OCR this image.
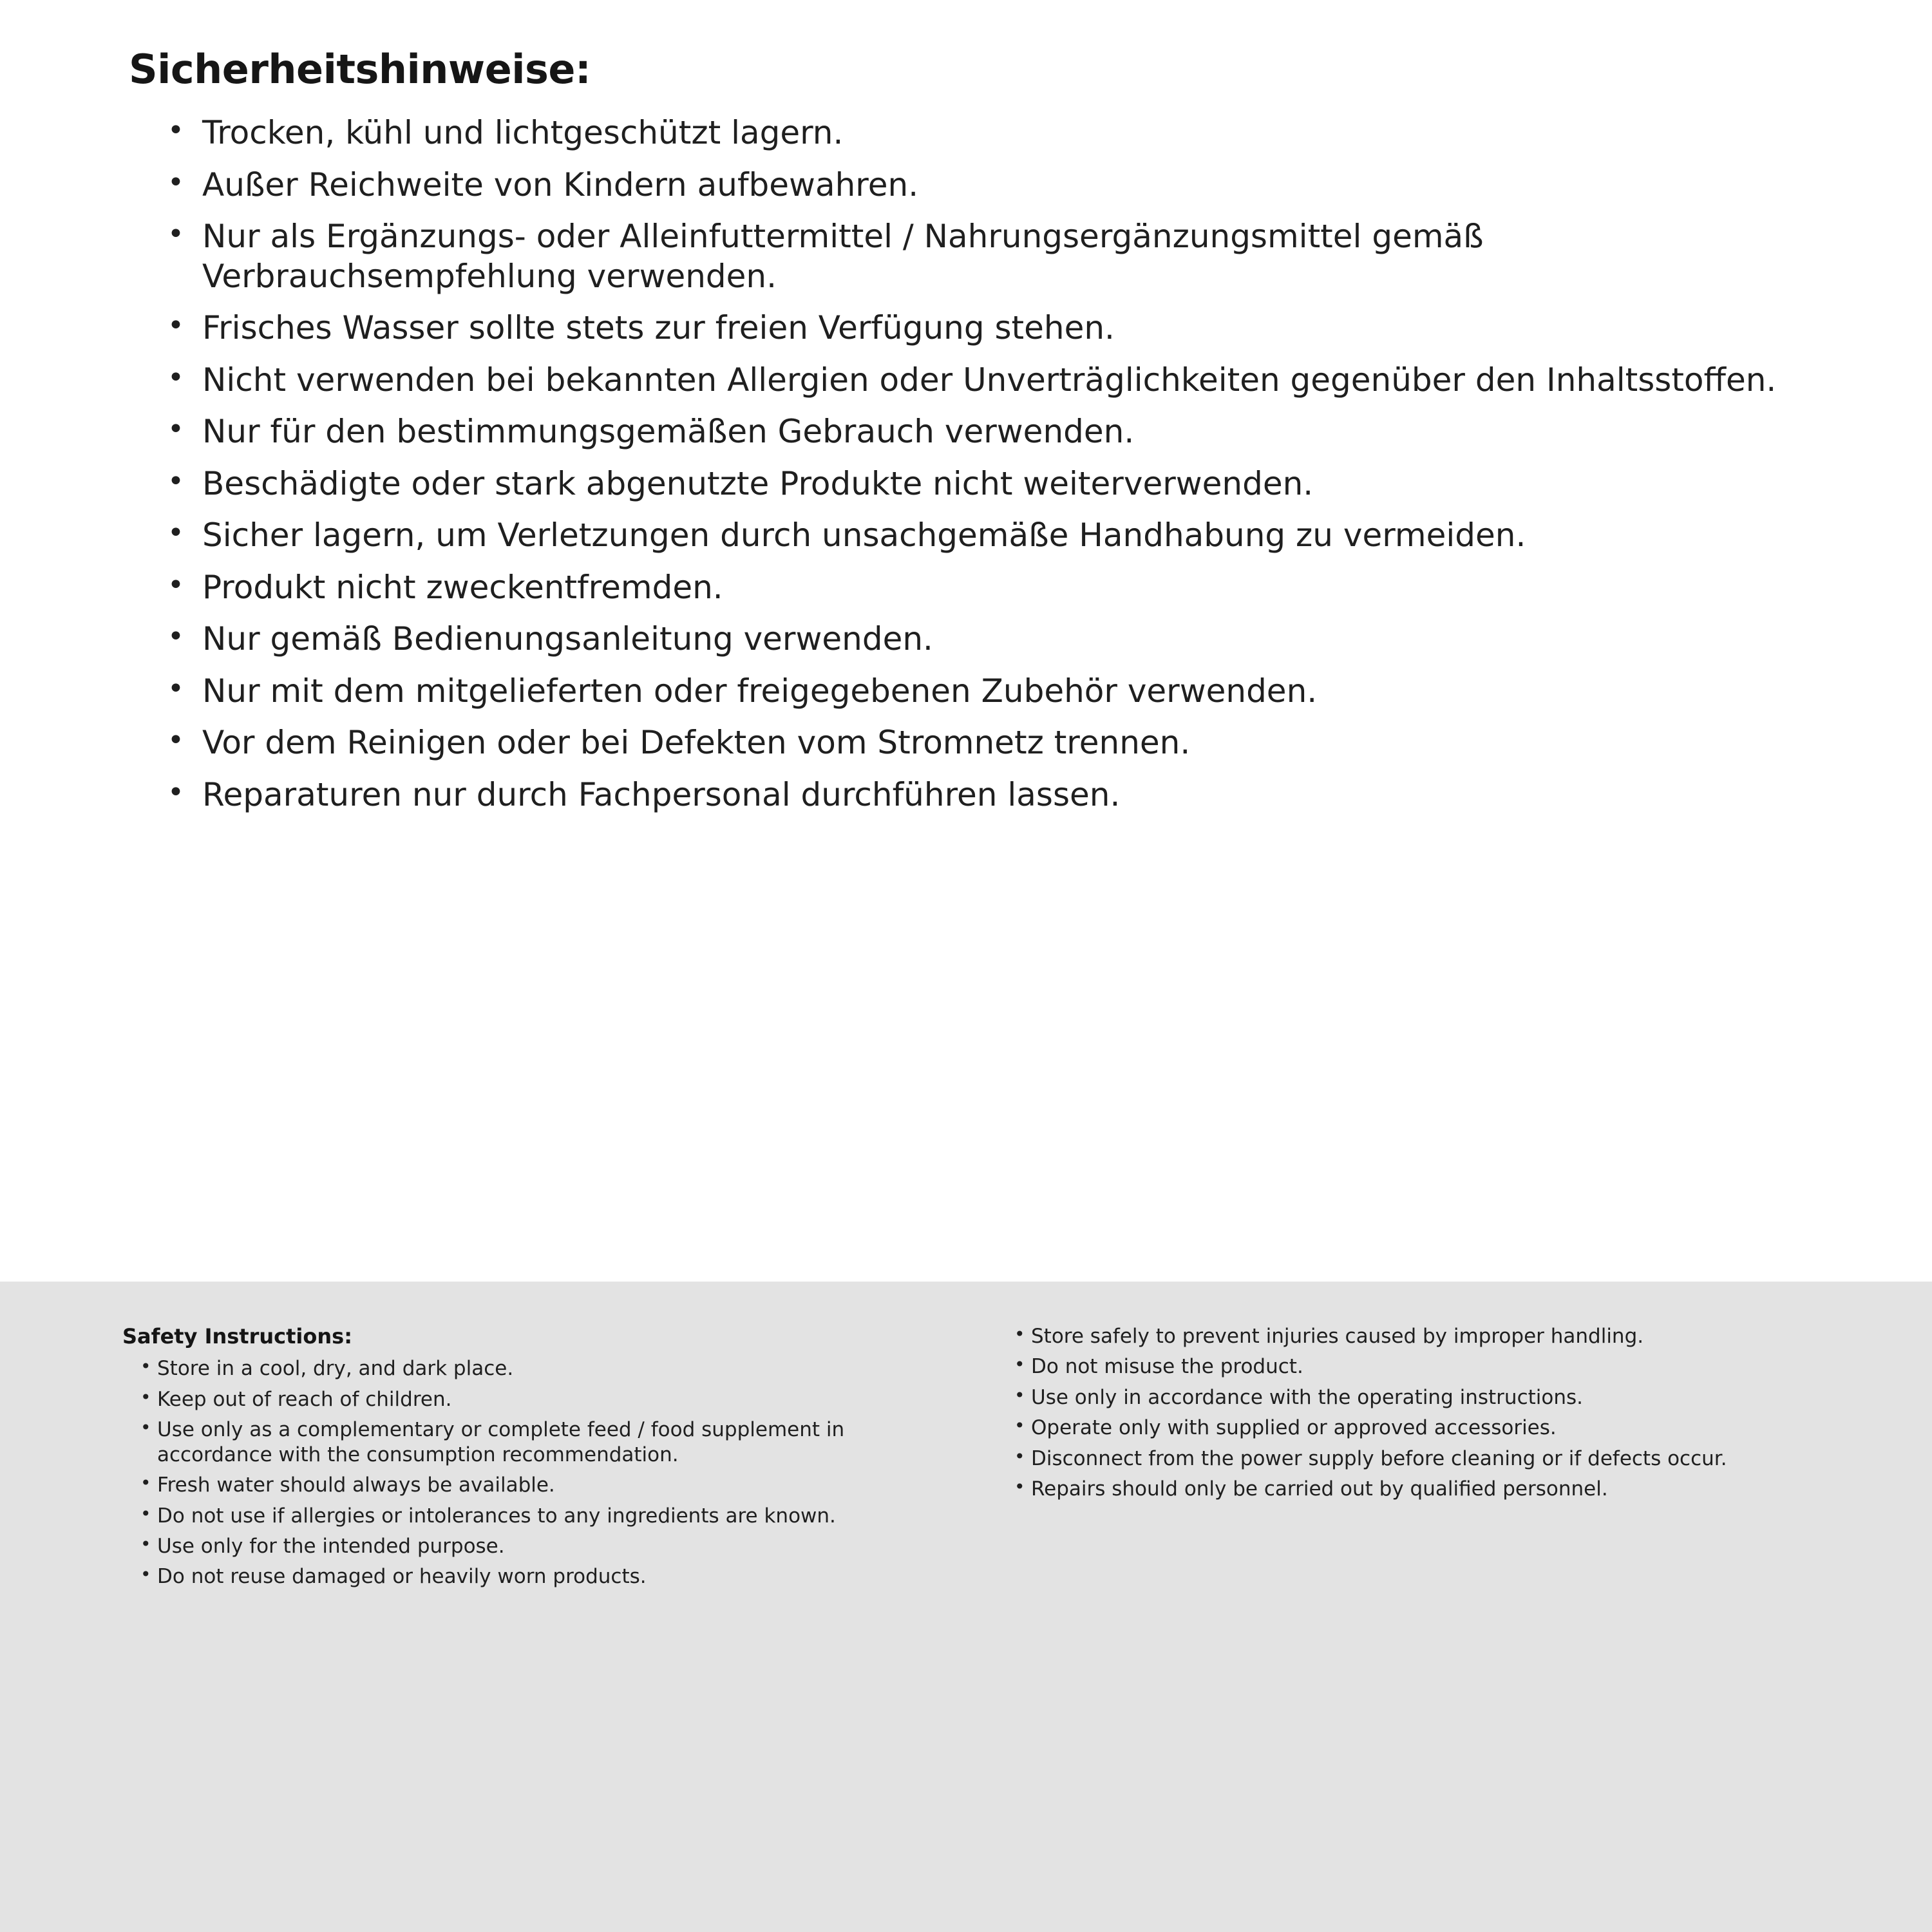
Sicherheitshinweise:
• Trocken, kühl und lichtgeschützt lagern.
• Außer Reichweite von Kindern aufbewahren.
• Nur als Ergänzungs- oder Alleinfuttermittel / Nahrungsergänzungsmittel gemäß Verbrauchsempfehlung verwenden.
• Frisches Wasser sollte stets zur freien Verfügung stehen.
• Nicht verwenden bei bekannten Allergien oder Unverträglichkeiten gegenüber den Inhaltsstoffen.
• Nur für den bestimmungsgemäßen Gebrauch verwenden.
• Beschädigte oder stark abgenutzte Produkte nicht weiterverwenden.
• Sicher lagern, um Verletzungen durch unsachgemäße Handhabung zu vermeiden.
• Produkt nicht zweckentfremden.
• Nur gemäß Bedienungsanleitung verwenden.
• Nur mit dem mitgelieferten oder freigegebenen Zubehör verwenden.
• Vor dem Reinigen oder bei Defekten vom Stromnetz trennen.
• Reparaturen nur durch Fachpersonal durchführen lassen.
Safety Instructions:
• Store in a cool, dry, and dark place.
• Keep out of reach of children.
• Use only as a complementary or complete feed / food supplement in accordance with the consumption recommendation.
• Fresh water should always be available.
• Do not use if allergies or intolerances to any ingredients are known.
• Use only for the intended purpose.
• Do not reuse damaged or heavily worn products.
• Store safely to prevent injuries caused by improper handling.
• Do not misuse the product.
• Use only in accordance with the operating instructions.
• Operate only with supplied or approved accessories.
• Disconnect from the power supply before cleaning or if defects occur.
• Repairs should only be carried out by qualified personnel.
